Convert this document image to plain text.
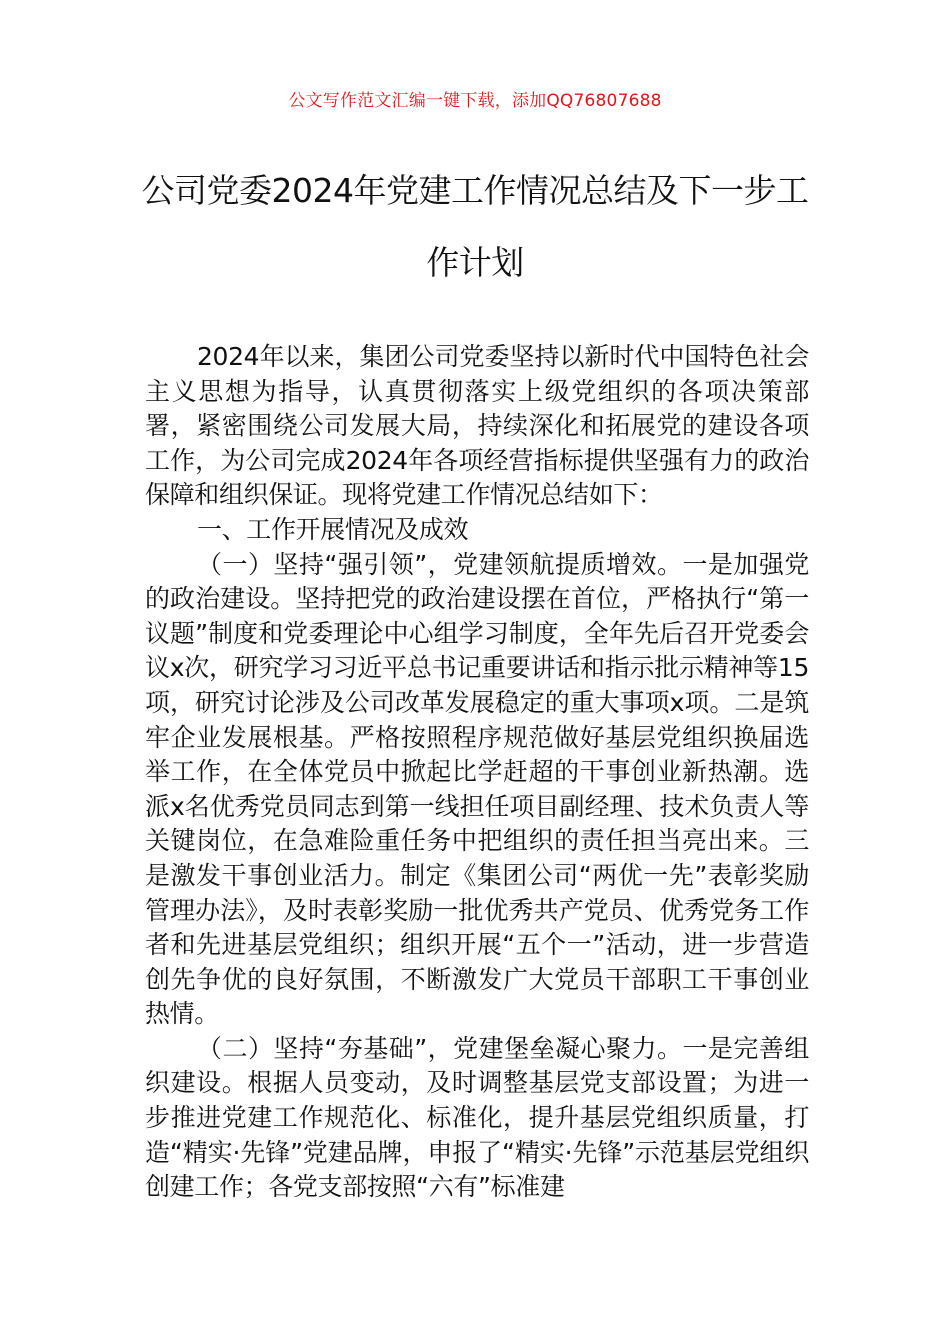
公文写作范文汇编一键下载，添加QQ76807688
公司党委2024年党建工作情况总结及下一步工作计划

2024年以来，集团公司党委坚持以新时代中国特色社会主义思想为指导，认真贯彻落实上级党组织的各项决策部署，紧密围绕公司发展大局，持续深化和拓展党的建设各项工作，为公司完成2024年各项经营指标提供坚强有力的政治保障和组织保证。现将党建工作情况总结如下：

一、工作开展情况及成效

（一）坚持“强引领”，党建领航提质增效。一是加强党的政治建设。坚持把党的政治建设摆在首位，严格执行“第一议题”制度和党委理论中心组学习制度，全年先后召开党委会议x次，研究学习习近平总书记重要讲话和指示批示精神等15项，研究讨论涉及公司改革发展稳定的重大事项x项。二是筑牢企业发展根基。严格按照程序规范做好基层党组织换届选举工作，在全体党员中掀起比学赶超的干事创业新热潮。选派x名优秀党员同志到第一线担任项目副经理、技术负责人等关键岗位，在急难险重任务中把组织的责任担当亮出来。三是激发干事创业活力。制定《集团公司“两优一先”表彰奖励管理办法》，及时表彰奖励一批优秀共产党员、优秀党务工作者和先进基层党组织；组织开展“五个一”活动，进一步营造创先争优的良好氛围，不断激发广大党员干部职工干事创业热情。

（二）坚持“夯基础”，党建堡垒凝心聚力。一是完善组织建设。根据人员变动，及时调整基层党支部设置；为进一步推进党建工作规范化、标准化，提升基层党组织质量，打造“精实·先锋”党建品牌，申报了“精实·先锋”示范基层党组织创建工作；各党支部按照“六有”标准建
